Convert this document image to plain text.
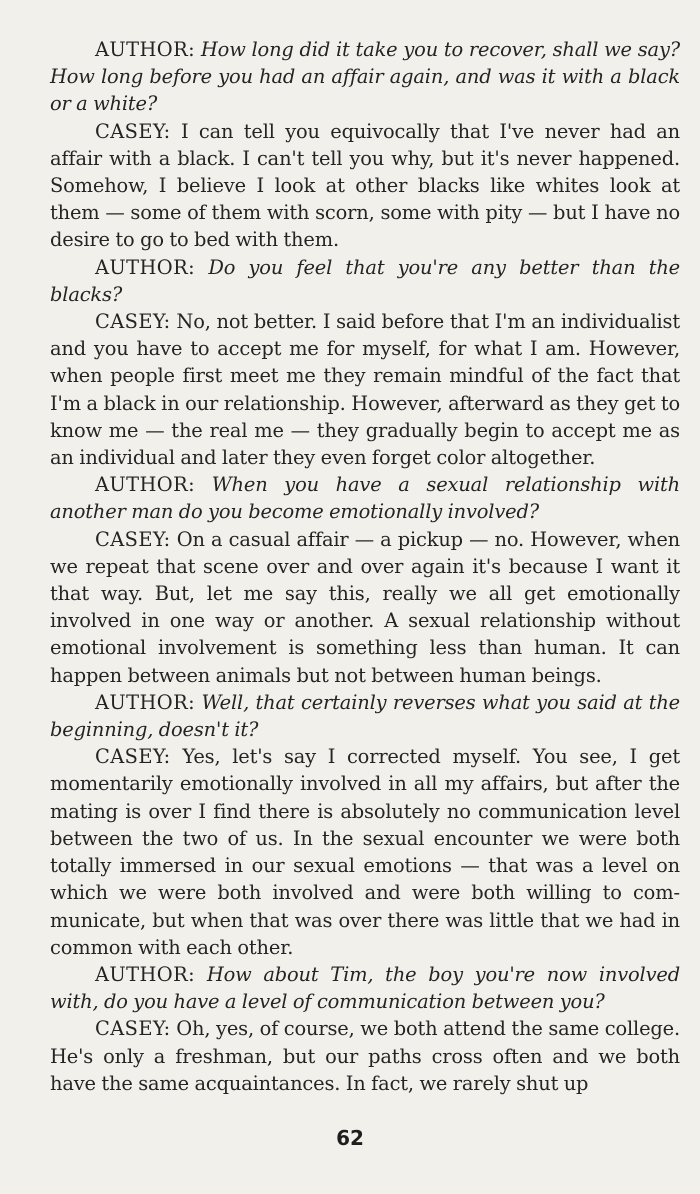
AUTHOR: How long did it take you to recover, shall we say? How long before you had an affair again, and was it with a black or a white?

CASEY: I can tell you equivocally that I've never had an affair with a black. I can't tell you why, but it's never happened. Somehow, I believe I look at other blacks like whites look at them — some of them with scorn, some with pity — but I have no desire to go to bed with them.

AUTHOR: Do you feel that you're any better than the blacks?

CASEY: No, not better. I said before that I'm an individualist and you have to accept me for myself, for what I am. However, when people first meet me they remain mindful of the fact that I'm a black in our relationship. However, afterward as they get to know me — the real me — they gradually begin to accept me as an individual and later they even forget color altogether.

AUTHOR: When you have a sexual relationship with another man do you become emotionally involved?

CASEY: On a casual affair — a pickup — no. However, when we repeat that scene over and over again it's because I want it that way. But, let me say this, really we all get emotionally involved in one way or another. A sexual relationship without emotional involvement is something less than human. It can happen between animals but not between human beings.

AUTHOR: Well, that certainly reverses what you said at the beginning, doesn't it?

CASEY: Yes, let's say I corrected myself. You see, I get momentarily emotionally involved in all my affairs, but after the mating is over I find there is absolutely no communication level between the two of us. In the sexual encounter we were both totally immersed in our sexual emotions — that was a level on which we were both involved and were both willing to communicate, but when that was over there was little that we had in common with each other.

AUTHOR: How about Tim, the boy you're now involved with, do you have a level of communication between you?

CASEY: Oh, yes, of course, we both attend the same college. He's only a freshman, but our paths cross often and we both have the same acquaintances. In fact, we rarely shut up

62
